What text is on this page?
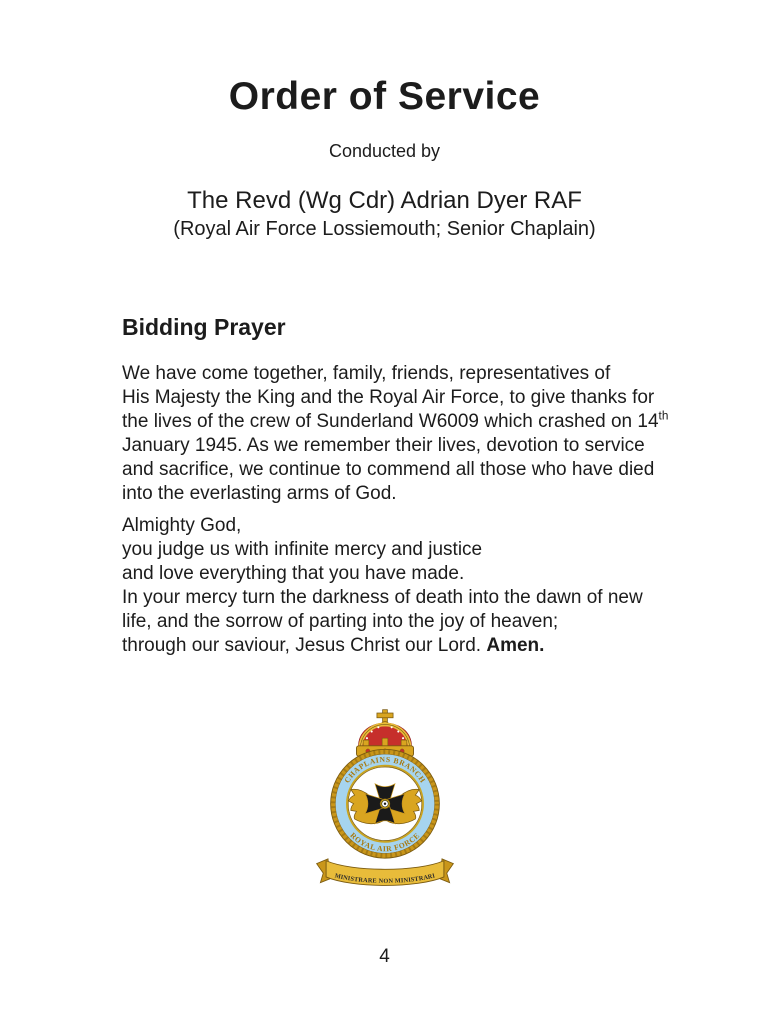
Order of Service
Conducted by
The Revd (Wg Cdr) Adrian Dyer RAF
(Royal Air Force Lossiemouth; Senior Chaplain)
Bidding Prayer
We have come together, family, friends, representatives of
His Majesty the King and the Royal Air Force, to give thanks for
the lives of the crew of Sunderland W6009 which crashed on 14th
January 1945. As we remember their lives, devotion to service
and sacrifice, we continue to commend all those who have died
into the everlasting arms of God.
Almighty God,
you judge us with infinite mercy and justice
and love everything that you have made.
In your mercy turn the darkness of death into the dawn of new
life, and the sorrow of parting into the joy of heaven;
through our saviour, Jesus Christ our Lord. Amen.
CHAPLAINS BRANCH
ROYAL AIR FORCE
MINISTRARE NON MINISTRARI
4
